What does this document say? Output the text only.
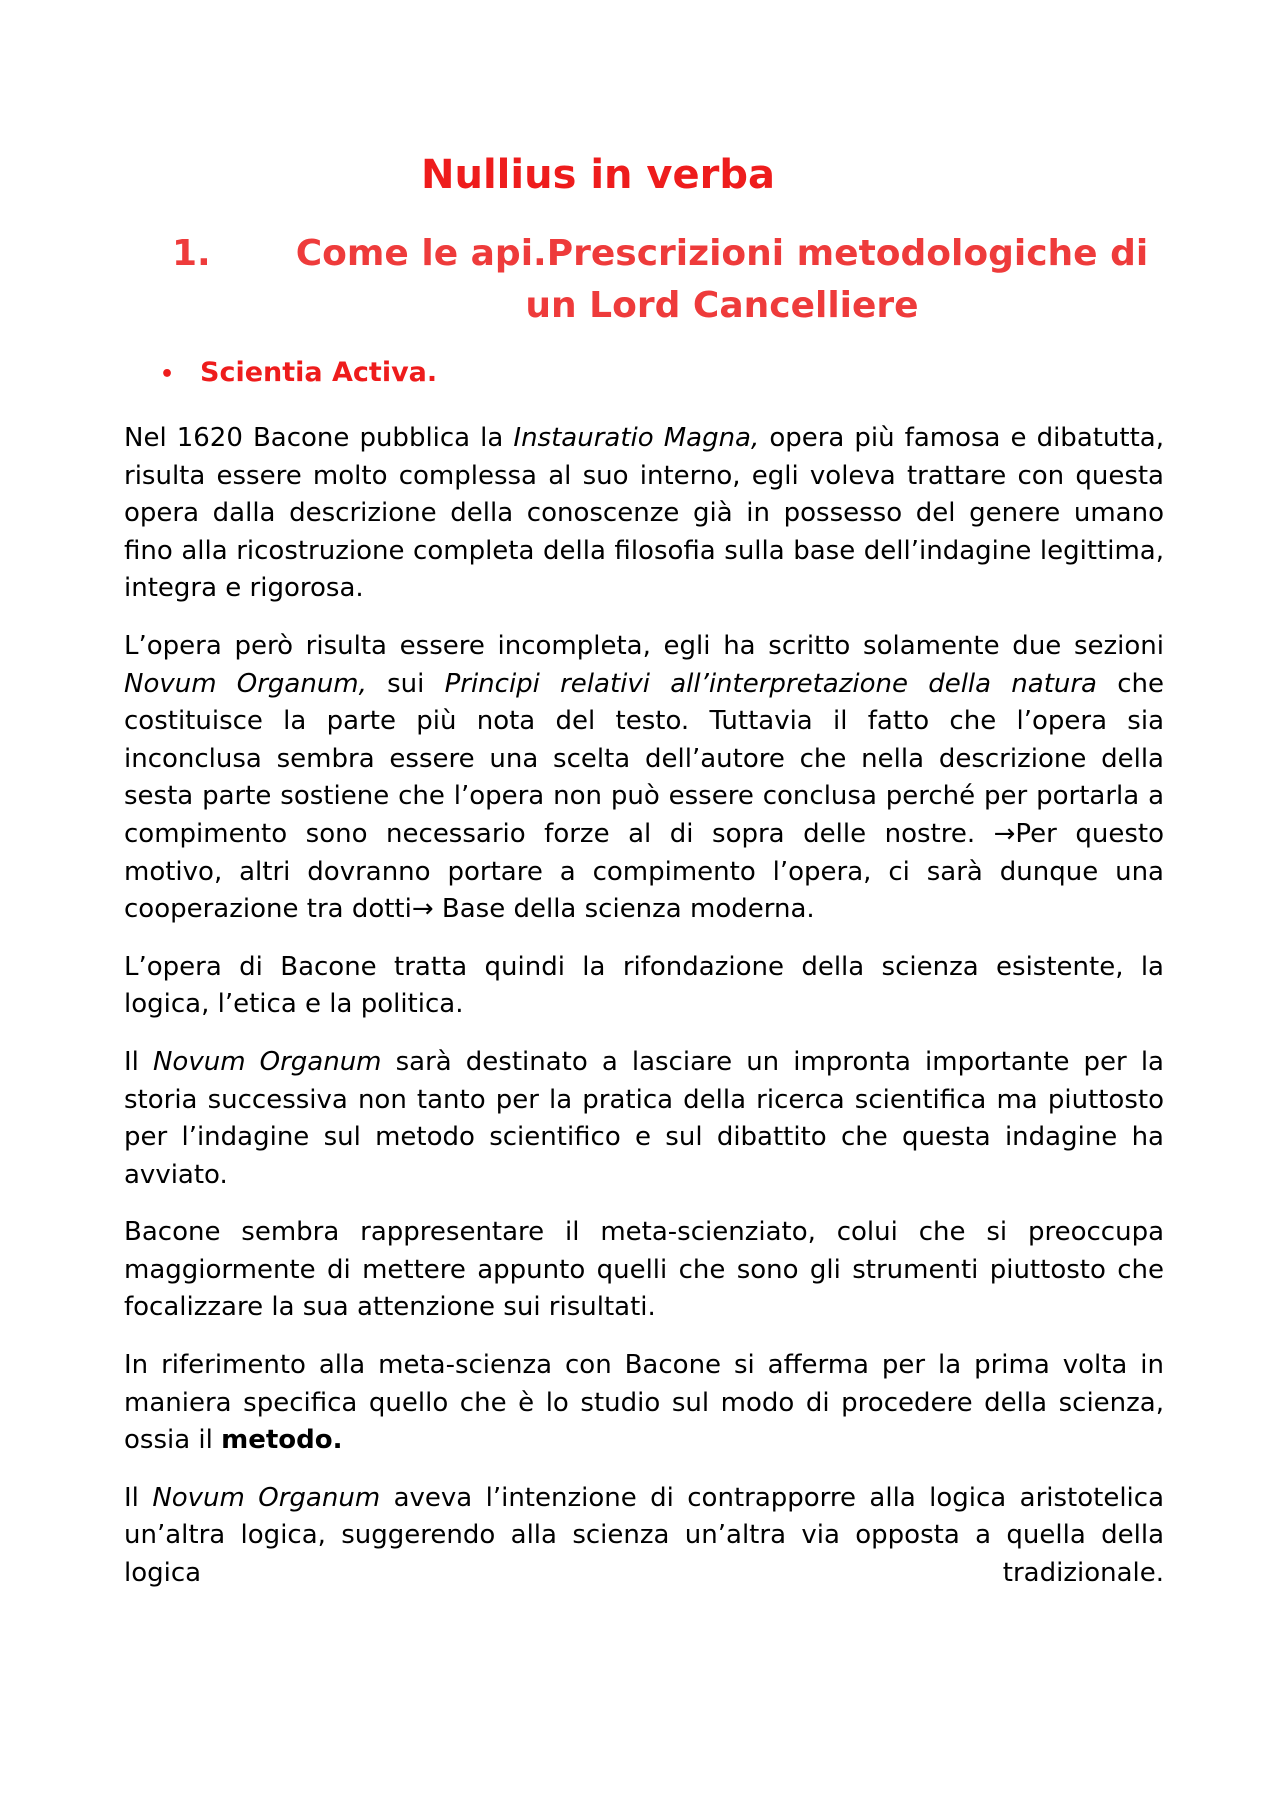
Nullius in verba
1.	Come le api.Prescrizioni metodologiche di un Lord Cancelliere
• Scientia Activa.

Nel 1620 Bacone pubblica la Instauratio Magna, opera più famosa e dibatutta, risulta essere molto complessa al suo interno, egli voleva trattare con questa opera dalla descrizione della conoscenze già in possesso del genere umano fino alla ricostruzione completa della filosofia sulla base dell’indagine legittima, integra e rigorosa.

L’opera però risulta essere incompleta, egli ha scritto solamente due sezioni Novum Organum, sui Principi relativi all’interpretazione della natura che costituisce la parte più nota del testo. Tuttavia il fatto che l’opera sia inconclusa sembra essere una scelta dell’autore che nella descrizione della sesta parte sostiene che l’opera non può essere conclusa perché per portarla a compimento sono necessario forze al di sopra delle nostre. →Per questo motivo, altri dovranno portare a compimento l’opera, ci sarà dunque una cooperazione tra dotti→ Base della scienza moderna.

L’opera di Bacone tratta quindi la rifondazione della scienza esistente, la logica, l’etica e la politica.

Il Novum Organum sarà destinato a lasciare un impronta importante per la storia successiva non tanto per la pratica della ricerca scientifica ma piuttosto per l’indagine sul metodo scientifico e sul dibattito che questa indagine ha avviato.

Bacone sembra rappresentare il meta-scienziato, colui che si preoccupa maggiormente di mettere appunto quelli che sono gli strumenti piuttosto che focalizzare la sua attenzione sui risultati.

In riferimento alla meta-scienza con Bacone si afferma per la prima volta in maniera specifica quello che è lo studio sul modo di procedere della scienza, ossia il metodo.

Il Novum Organum aveva l’intenzione di contrapporre alla logica aristotelica un’altra logica, suggerendo alla scienza un’altra via opposta a quella della logica tradizionale.
